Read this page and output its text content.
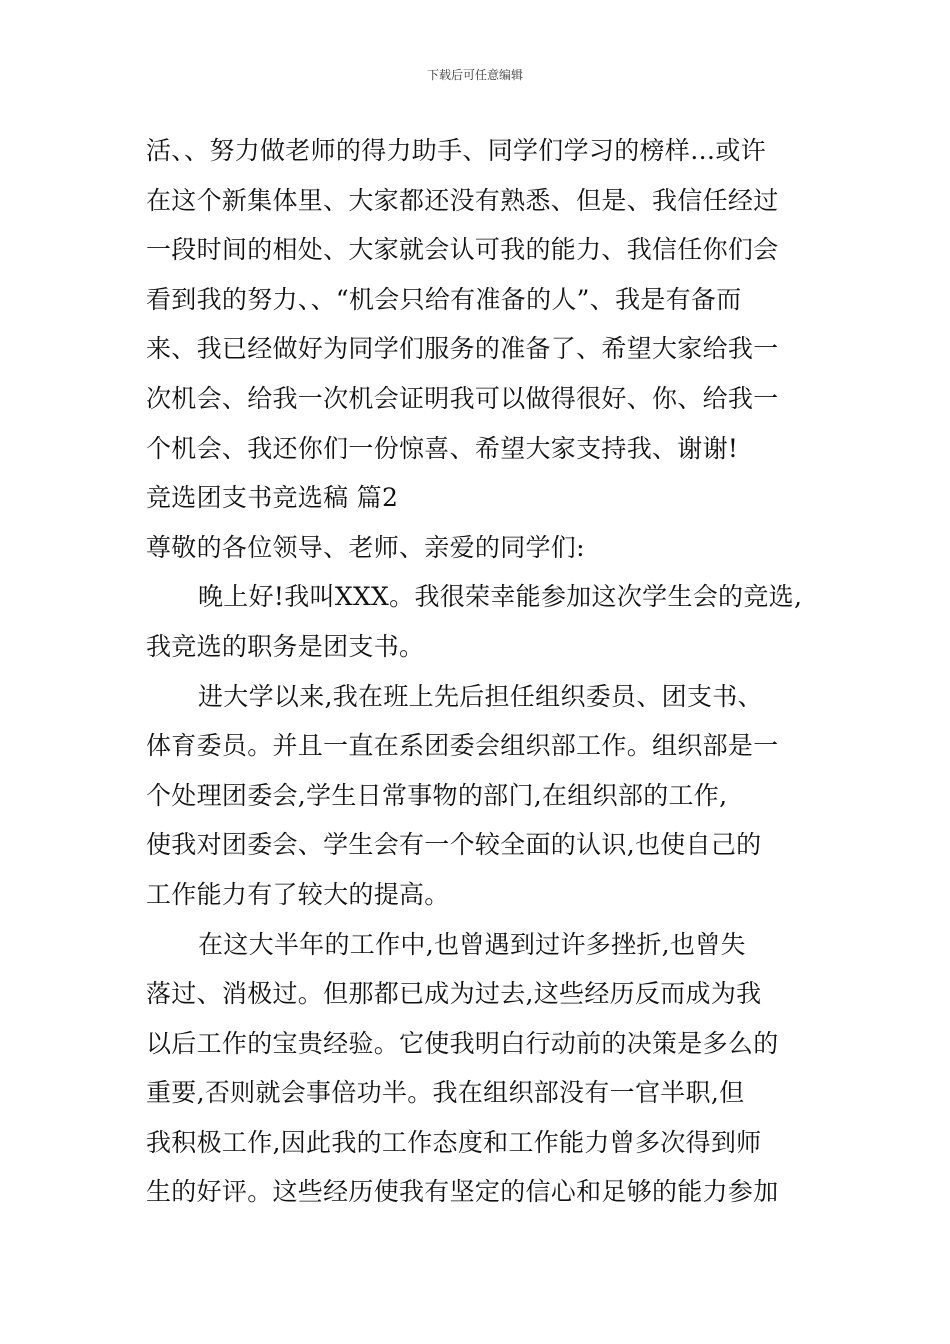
下载后可任意编辑
活、、努力做老师的得力助手、同学们学习的榜样…或许
在这个新集体里、大家都还没有熟悉、但是、我信任经过
一段时间的相处、大家就会认可我的能力、我信任你们会
看到我的努力、、“机会只给有准备的人”、我是有备而
来、我已经做好为同学们服务的准备了、希望大家给我一
次机会、给我一次机会证明我可以做得很好、你、给我一
个机会、我还你们一份惊喜、希望大家支持我、谢谢!
竞选团支书竞选稿 篇2
尊敬的各位领导、老师、亲爱的同学们:
晚上好!我叫XXX。我很荣幸能参加这次学生会的竞选,
我竞选的职务是团支书。
进大学以来,我在班上先后担任组织委员、团支书、
体育委员。并且一直在系团委会组织部工作。组织部是一
个处理团委会,学生日常事物的部门,在组织部的工作,
使我对团委会、学生会有一个较全面的认识,也使自己的
工作能力有了较大的提高。
在这大半年的工作中,也曾遇到过许多挫折,也曾失
落过、消极过。但那都已成为过去,这些经历反而成为我
以后工作的宝贵经验。它使我明白行动前的决策是多么的
重要,否则就会事倍功半。我在组织部没有一官半职,但
我积极工作,因此我的工作态度和工作能力曾多次得到师
生的好评。这些经历使我有坚定的信心和足够的能力参加
